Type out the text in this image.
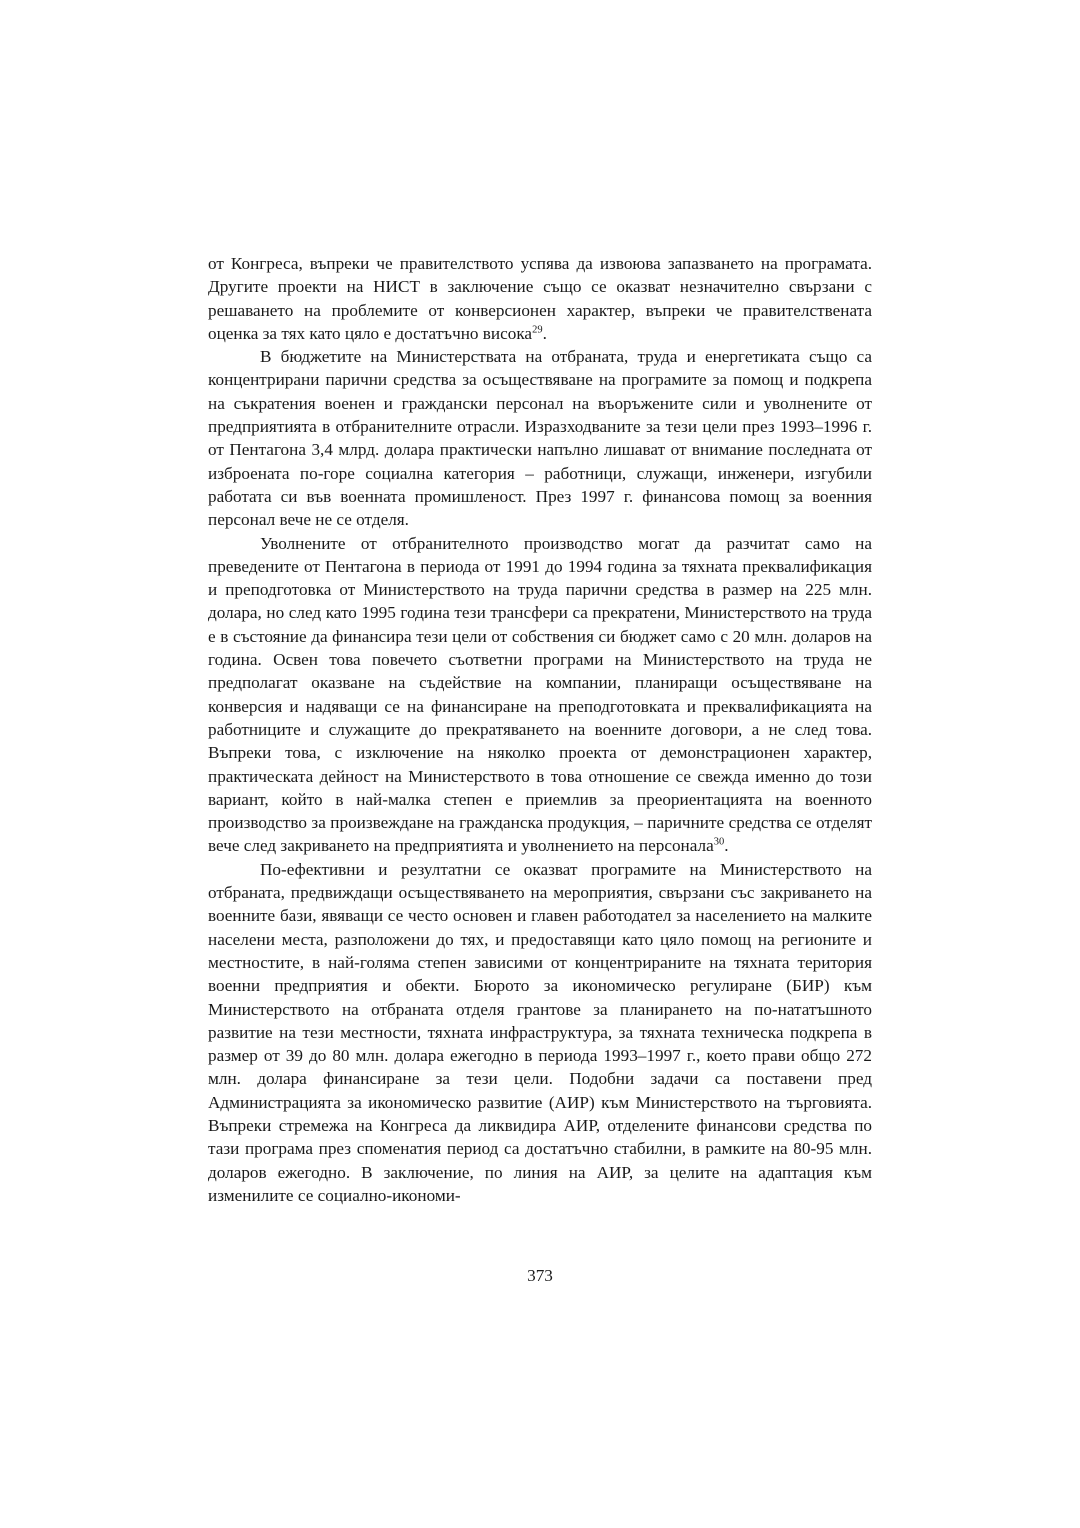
от Конгреса, въпреки че правителството успява да извоюва запазването на програмата. Другите проекти на НИСТ в заключение също се оказват незначително свързани с решаването на проблемите от конверсионен характер, въпреки че правителствената оценка за тях като цяло е достатъчно висока$^{29}$.

В бюджетите на Министерствата на отбраната, труда и енергетиката също са концентрирани парични средства за осъществяване на програмите за помощ и подкрепа на съкратения военен и граждански персонал на въоръжените сили и уволнените от предприятията в отбранителните отрасли. Изразходваните за тези цели през 1993–1996 г. от Пентагона 3,4 млрд. долара практически напълно лишават от внимание последната от изброената по-горе социална категория – работници, служащи, инженери, изгубили работата си във военната промишленост. През 1997 г. финансова помощ за военния персонал вече не се отделя.

Уволнените от отбранителното производство могат да разчитат само на преведените от Пентагона в периода от 1991 до 1994 година за тяхната преквалификация и преподготовка от Министерството на труда парични средства в размер на 225 млн. долара, но след като 1995 година тези трансфери са прекратени, Министерството на труда е в състояние да финансира тези цели от собствения си бюджет само с 20 млн. доларов на година. Освен това повечето съответни програми на Министерството на труда не предполагат оказване на съдействие на компании, планиращи осъществяване на конверсия и надяващи се на финансиране на преподготовката и преквалификацията на работниците и служащите до прекратяването на военните договори, а не след това. Въпреки това, с изключение на няколко проекта от демонстрационен характер, практическата дейност на Министерството в това отношение се свежда именно до този вариант, който в най-малка степен е приемлив за преориентацията на военното производство за произвеждане на гражданска продукция, – паричните средства се отделят вече след закриването на предприятията и уволнението на персонала$^{30}$.

По-ефективни и резултатни се оказват програмите на Министерството на отбраната, предвиждащи осъществяването на мероприятия, свързани със закриването на военните бази, явяващи се често основен и главен работодател за населението на малките населени места, разположени до тях, и предоставящи като цяло помощ на регионите и местностите, в най-голяма степен зависими от концентрираните на тяхната територия военни предприятия и обекти. Бюрото за икономическо регулиране (БИР) към Министерството на отбраната отделя грантове за планирането на по-нататъшното развитие на тези местности, тяхната инфраструктура, за тяхната техническа подкрепа в размер от 39 до 80 млн. долара ежегодно в периода 1993–1997 г., което прави общо 272 млн. долара финансиране за тези цели. Подобни задачи са поставени пред Администрацията за икономическо развитие (АИР) към Министерството на търговията. Въпреки стремежа на Конгреса да ликвидира АИР, отделените финансови средства по тази програма през споменатия период са достатъчно стабилни, в рамките на 80-95 млн. доларов ежегодно. В заключение, по линия на АИР, за целите на адаптация към изменилите се социално-икономи-

373
